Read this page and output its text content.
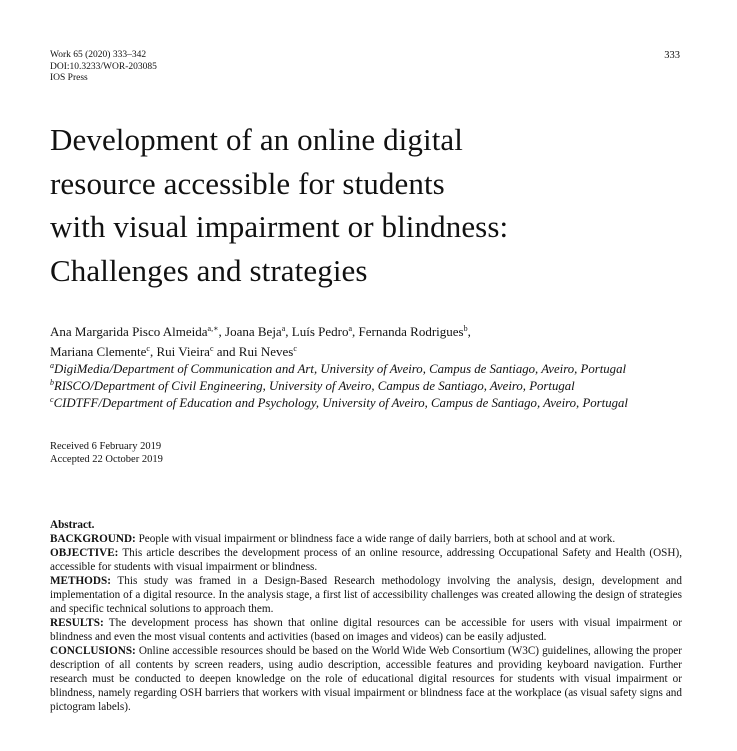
Work 65 (2020) 333–342
DOI:10.3233/WOR-203085
IOS Press
333
Development of an online digital
resource accessible for students
with visual impairment or blindness:
Challenges and strategies
Ana Margarida Pisco Almeida$^{a,∗}$, Joana Beja$^a$, Luís Pedro$^a$, Fernanda Rodrigues$^b$,
Mariana Clemente$^c$, Rui Vieira$^c$ and Rui Neves$^c$
$^a$DigiMedia/Department of Communication and Art, University of Aveiro, Campus de Santiago, Aveiro, Portugal
$^b$RISCO/Department of Civil Engineering, University of Aveiro, Campus de Santiago, Aveiro, Portugal
$^c$CIDTFF/Department of Education and Psychology, University of Aveiro, Campus de Santiago, Aveiro, Portugal
Received 6 February 2019
Accepted 22 October 2019

Abstract.

BACKGROUND: People with visual impairment or blindness face a wide range of daily barriers, both at school and at work.

OBJECTIVE: This article describes the development process of an online resource, addressing Occupational Safety and Health (OSH), accessible for students with visual impairment or blindness.

METHODS: This study was framed in a Design-Based Research methodology involving the analysis, design, development and implementation of a digital resource. In the analysis stage, a first list of accessibility challenges was created allowing the design of strategies and specific technical solutions to approach them.

RESULTS: The development process has shown that online digital resources can be accessible for users with visual impairment or blindness and even the most visual contents and activities (based on images and videos) can be easily adjusted.

CONCLUSIONS: Online accessible resources should be based on the World Wide Web Consortium (W3C) guidelines, allowing the proper description of all contents by screen readers, using audio description, accessible features and providing keyboard navigation. Further research must be conducted to deepen knowledge on the role of educational digital resources for students with visual impairment or blindness, namely regarding OSH barriers that workers with visual impairment or blindness face at the workplace (as visual safety signs and pictogram labels).
